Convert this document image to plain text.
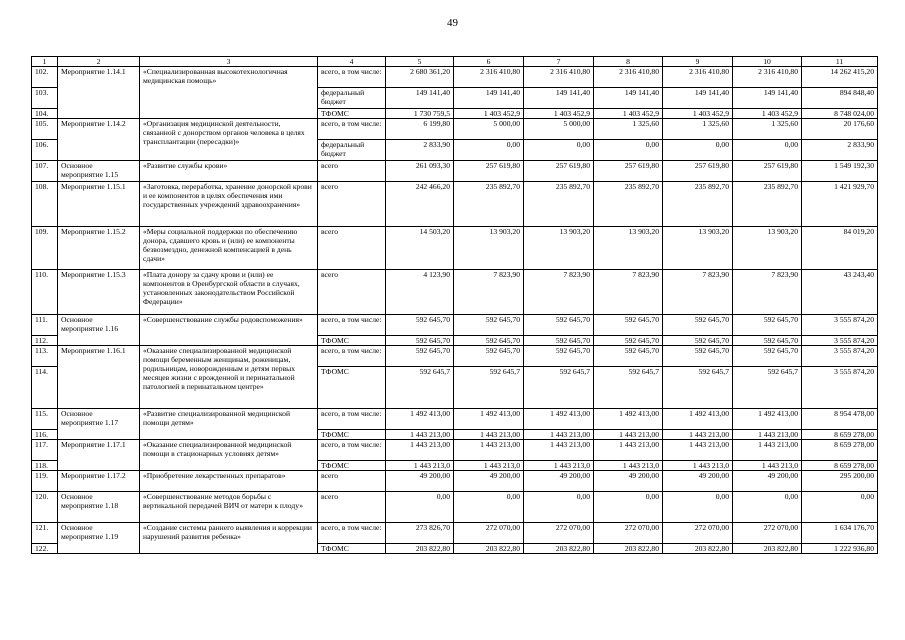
49
1	2	3	4	5	6	7	8	9	10	11
102.	Мероприятие 1.14.1	«Специализированная высокотехнологичная медицинская помощь»	всего, в том числе:	2 680 361,20	2 316 410,80	2 316 410,80	2 316 410,80	2 316 410,80	2 316 410,80	14 262 415,20
103.			федеральный бюджет	149 141,40	149 141,40	149 141,40	149 141,40	149 141,40	149 141,40	894 848,40
104.			ТФОМС	1 730 759,5	1 403 452,9	1 403 452,9	1 403 452,9	1 403 452,9	1 403 452,9	8 748 024,00
105.	Мероприятие 1.14.2	«Организация медицинской деятельности, связанной с донорством органов человека в целях трансплантации (пересадки)»	всего, в том числе:	6 199,80	5 000,00	5 000,00	1 325,60	1 325,60	1 325,60	20 176,60
106.			федеральный бюджет	2 833,90	0,00	0,00	0,00	0,00	0,00	2 833,90
107.	Основное мероприятие 1.15	«Развитие службы крови»	всего	261 093,30	257 619,80	257 619,80	257 619,80	257 619,80	257 619,80	1 549 192,30
108.	Мероприятие 1.15.1	«Заготовка, переработка, хранение донорской крови и ее компонентов в целях обеспечения ими государственных учреждений здравоохранения»	всего	242 466,20	235 892,70	235 892,70	235 892,70	235 892,70	235 892,70	1 421 929,70
109.	Мероприятие 1.15.2	«Меры социальной поддержки по обеспечению донора, сдавшего кровь и (или) ее компоненты безвозмездно, денежной компенсацией в день сдачи»	всего	14 503,20	13 903,20	13 903,20	13 903,20	13 903,20	13 903,20	84 019,20
110.	Мероприятие 1.15.3	«Плата донору за сдачу крови и (или) ее компонентов в Оренбургской области в случаях, установленных законодательством Российской Федерации»	всего	4 123,90	7 823,90	7 823,90	7 823,90	7 823,90	7 823,90	43 243,40
111.	Основное мероприятие 1.16	«Совершенствование службы родовспоможения»	всего, в том числе:	592 645,70	592 645,70	592 645,70	592 645,70	592 645,70	592 645,70	3 555 874,20
112.			ТФОМС	592 645,70	592 645,70	592 645,70	592 645,70	592 645,70	592 645,70	3 555 874,20
113.	Мероприятие 1.16.1	«Оказание специализированной медицинской помощи беременным женщинам, роженицам, родильницам, новорожденным и детям первых месяцев жизни с врожденной и перинатальной патологией в перинатальном центре»	всего, в том числе:	592 645,70	592 645,70	592 645,70	592 645,70	592 645,70	592 645,70	3 555 874,20
114.			ТФОМС	592 645,7	592 645,7	592 645,7	592 645,7	592 645,7	592 645,7	3 555 874,20
115.	Основное мероприятие 1.17	«Развитие специализированной медицинской помощи детям»	всего, в том числе:	1 492 413,00	1 492 413,00	1 492 413,00	1 492 413,00	1 492 413,00	1 492 413,00	8 954 478,00
116.			ТФОМС	1 443 213,00	1 443 213,00	1 443 213,00	1 443 213,00	1 443 213,00	1 443 213,00	8 659 278,00
117.	Мероприятие 1.17.1	«Оказание специализированной медицинской помощи в стационарных условиях детям»	всего, в том числе:	1 443 213,00	1 443 213,00	1 443 213,00	1 443 213,00	1 443 213,00	1 443 213,00	8 659 278,00
118.			ТФОМС	1 443 213,0	1 443 213,0	1 443 213,0	1 443 213,0	1 443 213,0	1 443 213,0	8 659 278,00
119.	Мероприятие 1.17.2	«Приобретение лекарственных препаратов»	всего	49 200,00	49 200,00	49 200,00	49 200,00	49 200,00	49 200,00	295 200,00
120.	Основное мероприятие 1.18	«Совершенствование методов борьбы с вертикальной передачей ВИЧ от матери к плоду»	всего	0,00	0,00	0,00	0,00	0,00	0,00	0,00
121.	Основное мероприятие 1.19	«Создание системы раннего выявления и коррекции нарушений развития ребенка»	всего, в том числе:	273 826,70	272 070,00	272 070,00	272 070,00	272 070,00	272 070,00	1 634 176,70
122.			ТФОМС	203 822,80	203 822,80	203 822,80	203 822,80	203 822,80	203 822,80	1 222 936,80
